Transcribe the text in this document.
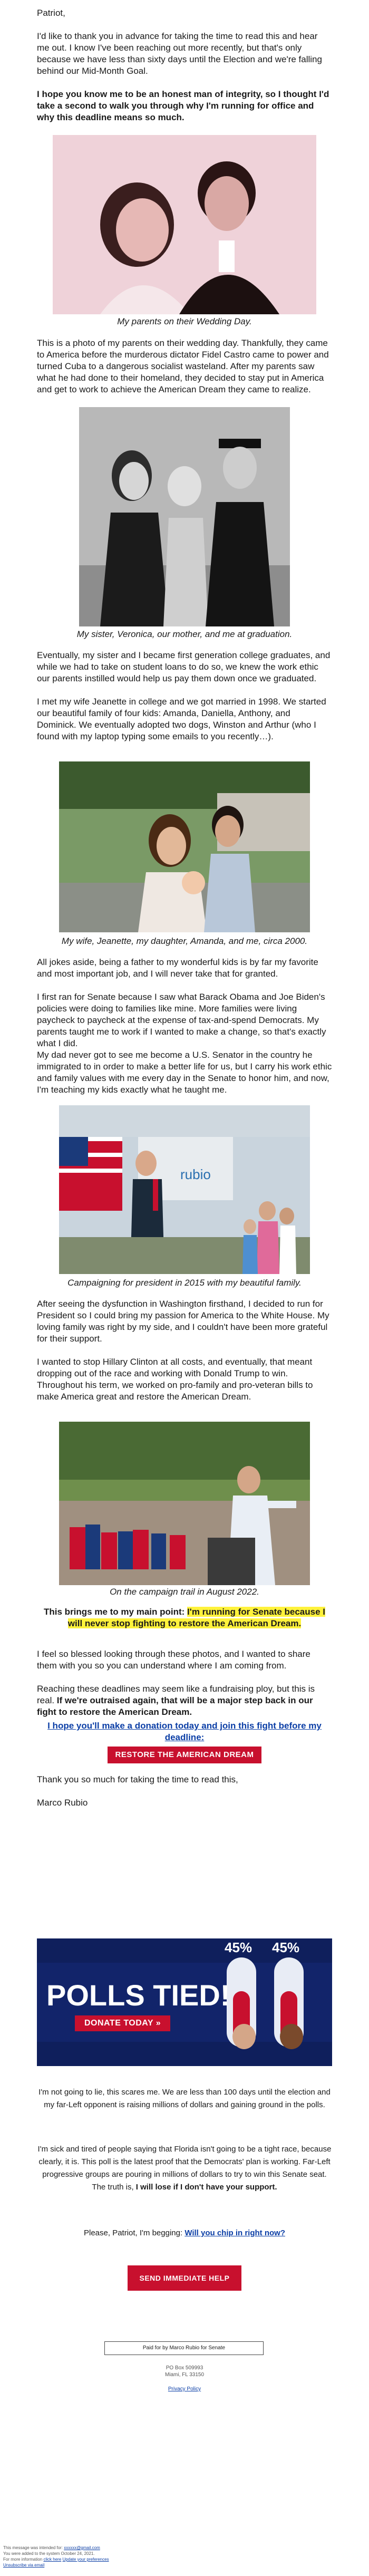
Patriot,

I'd like to thank you in advance for taking the time to read this and hear me out. I know I've been reaching out more recently, but that's only because we have less than sixty days until the Election and we're falling behind our Mid-Month Goal.

I hope you know me to be an honest man of integrity, so I thought I'd take a second to walk you through why I'm running for office and why this deadline means so much.

My parents on their Wedding Day.

This is a photo of my parents on their wedding day. Thankfully, they came to America before the murderous dictator Fidel Castro came to power and turned Cuba to a dangerous socialist wasteland. After my parents saw what he had done to their homeland, they decided to stay put in America and get to work to achieve the American Dream they came to realize.

My sister, Veronica, our mother, and me at graduation.

Eventually, my sister and I became first generation college graduates, and while we had to take on student loans to do so, we knew the work ethic our parents instilled would help us pay them down once we graduated.

I met my wife Jeanette in college and we got married in 1998. We started our beautiful family of four kids: Amanda, Daniella, Anthony, and Dominick. We eventually adopted two dogs, Winston and Arthur (who I found with my laptop typing some emails to you recently…).

My wife, Jeanette, my daughter, Amanda, and me, circa 2000.

All jokes aside, being a father to my wonderful kids is by far my favorite and most important job, and I will never take that for granted.

I first ran for Senate because I saw what Barack Obama and Joe Biden's policies were doing to families like mine. More families were living paycheck to paycheck at the expense of tax-and-spend Democrats. My parents taught me to work if I wanted to make a change, so that's exactly what I did.

My dad never got to see me become a U.S. Senator in the country he immigrated to in order to make a better life for us, but I carry his work ethic and family values with me every day in the Senate to honor him, and now, I'm teaching my kids exactly what he taught me.

rubio
Campaigning for president in 2015 with my beautiful family.

After seeing the dysfunction in Washington firsthand, I decided to run for President so I could bring my passion for America to the White House. My loving family was right by my side, and I couldn't have been more grateful for their support.

I wanted to stop Hillary Clinton at all costs, and eventually, that meant dropping out of the race and working with Donald Trump to win. Throughout his term, we worked on pro-family and pro-veteran bills to make America great and restore the American Dream.

On the campaign trail in August 2022.

This brings me to my main point: I'm running for Senate because I will never stop fighting to restore the American Dream.

I feel so blessed looking through these photos, and I wanted to share them with you so you can understand where I am coming from.

Reaching these deadlines may seem like a fundraising ploy, but this is real. If we're outraised again, that will be a major step back in our fight to restore the American Dream.

I hope you'll make a donation today and join this fight before my deadline:

RESTORE THE AMERICAN DREAM

Thank you so much for taking the time to read this,

Marco Rubio

POLLS TIED!
DONATE TODAY »
45% 45%

I'm not going to lie, this scares me. We are less than 100 days until the election and my far-Left opponent is raising millions of dollars and gaining ground in the polls.

I'm sick and tired of people saying that Florida isn't going to be a tight race, because clearly, it is. This poll is the latest proof that the Democrats' plan is working. Far-Left progressive groups are pouring in millions of dollars to try to win this Senate seat. The truth is, I will lose if I don't have your support.

Please, Patriot, I'm begging: Will you chip in right now?

SEND IMMEDIATE HELP
Paid for by Marco Rubio for Senate
PO Box 509993
Miami, FL 33150
Privacy Policy
This message was intended for: xxxxxx@gmail.com
You were added to the system October 24, 2021.
For more information click here Update your preferences
Unsubscribe via email
